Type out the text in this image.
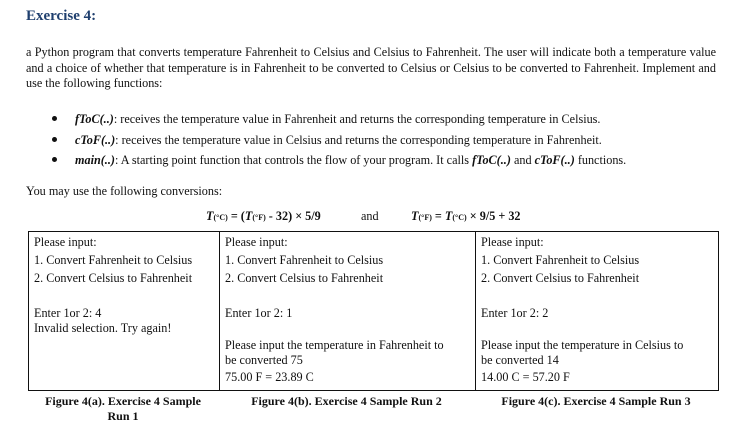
Exercise 4:
a Python program that converts temperature Fahrenheit to Celsius and Celsius to Fahrenheit. The user will indicate both a temperature value and a choice of whether that temperature is in Fahrenheit to be converted to Celsius or Celsius to be converted to Fahrenheit. Implement and use the following functions:
fToC(..): receives the temperature value in Fahrenheit and returns the corresponding temperature in Celsius.
cToF(..): receives the temperature value in Celsius and returns the corresponding temperature in Fahrenheit.
main(..): A starting point function that controls the flow of your program. It calls fToC(..) and cToF(..) functions.
You may use the following conversions:
T(°C) = (T(°F) - 32) × 5/9	and	T(°F) = T(°C) × 9/5 + 32
Please input:
1. Convert Fahrenheit to Celsius
2. Convert Celsius to Fahrenheit
Enter 1or 2: 4
Invalid selection. Try again!
Please input:
1. Convert Fahrenheit to Celsius
2. Convert Celsius to Fahrenheit
Enter 1or 2: 1
Please input the temperature in Fahrenheit to
be converted 75
75.00 F = 23.89 C
Please input:
1. Convert Fahrenheit to Celsius
2. Convert Celsius to Fahrenheit
Enter 1or 2: 2
Please input the temperature in Celsius to
be converted 14
14.00 C = 57.20 F
Figure 4(a). Exercise 4 Sample
Run 1
Figure 4(b). Exercise 4 Sample Run 2	Figure 4(c). Exercise 4 Sample Run 3
